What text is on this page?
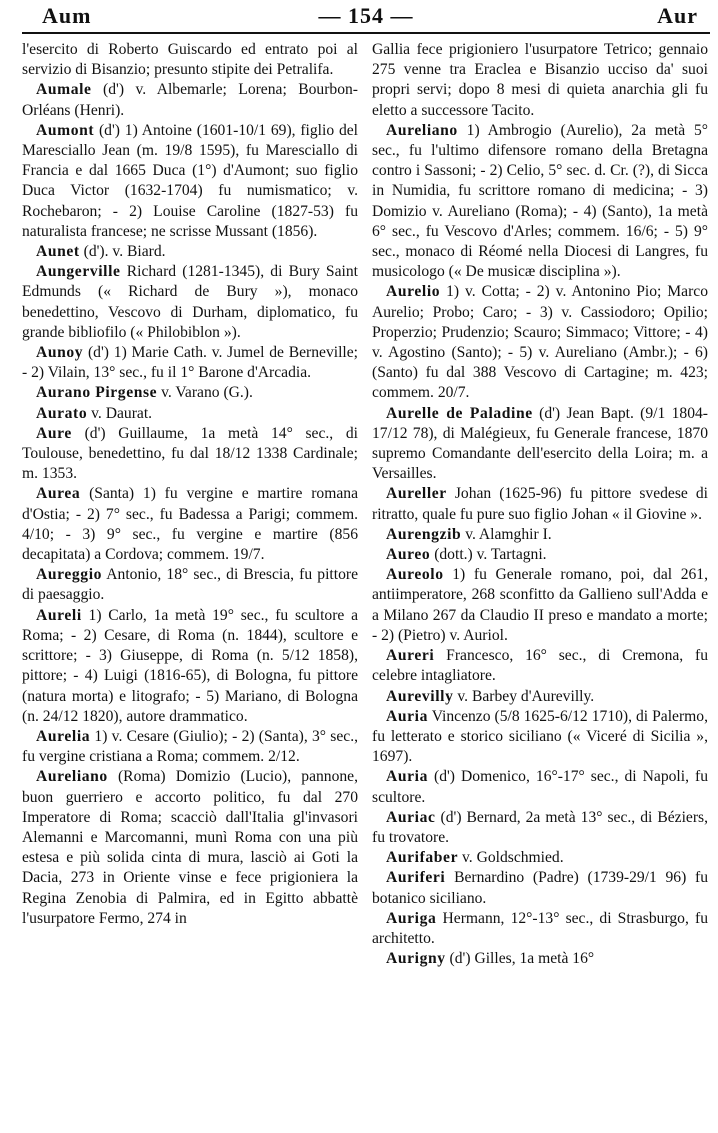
Aum	— 154 —	Aur

l'esercito di Roberto Guiscardo ed entrato poi al servizio di Bisanzio; presunto stipite dei Petralifa.

Aumale (d') v. Albemarle; Lorena; Bourbon-Orléans (Henri).

Aumont (d') 1) Antoine (1601-10/1 69), figlio del Maresciallo Jean (m. 19/8 1595), fu Maresciallo di Francia e dal 1665 Duca (1°) d'Aumont; suo figlio Duca Victor (1632-1704) fu numismatico; v. Rochebaron; - 2) Louise Caroline (1827-53) fu naturalista francese; ne scrisse Mussant (1856).

Aunet (d'). v. Biard.

Aungerville Richard (1281-1345), di Bury Saint Edmunds (« Richard de Bury »), monaco benedettino, Vescovo di Durham, diplomatico, fu grande bibliofilo (« Philobiblon »).

Aunoy (d') 1) Marie Cath. v. Jumel de Berneville; - 2) Vilain, 13° sec., fu il 1° Barone d'Arcadia.

Aurano Pirgense v. Varano (G.).

Aurato v. Daurat.

Aure (d') Guillaume, 1a metà 14° sec., di Toulouse, benedettino, fu dal 18/12 1338 Cardinale; m. 1353.

Aurea (Santa) 1) fu vergine e martire romana d'Ostia; - 2) 7° sec., fu Badessa a Parigi; commem. 4/10; - 3) 9° sec., fu vergine e martire (856 decapitata) a Cordova; commem. 19/7.

Aureggio Antonio, 18° sec., di Brescia, fu pittore di paesaggio.

Aureli 1) Carlo, 1a metà 19° sec., fu scultore a Roma; - 2) Cesare, di Roma (n. 1844), scultore e scrittore; - 3) Giuseppe, di Roma (n. 5/12 1858), pittore; - 4) Luigi (1816-65), di Bologna, fu pittore (natura morta) e litografo; - 5) Mariano, di Bologna (n. 24/12 1820), autore drammatico.

Aurelia 1) v. Cesare (Giulio); - 2) (Santa), 3° sec., fu vergine cristiana a Roma; commem. 2/12.

Aureliano (Roma) Domizio (Lucio), pannone, buon guerriero e accorto politico, fu dal 270 Imperatore di Roma; scacciò dall'Italia gl'invasori Alemanni e Marcomanni, munì Roma con una più estesa e più solida cinta di mura, lasciò ai Goti la Dacia, 273 in Oriente vinse e fece prigioniera la Regina Zenobia di Palmira, ed in Egitto abbattè l'usurpatore Fermo, 274 in

Gallia fece prigioniero l'usurpatore Tetrico; gennaio 275 venne tra Eraclea e Bisanzio ucciso da' suoi propri servi; dopo 8 mesi di quieta anarchia gli fu eletto a successore Tacito.

Aureliano 1) Ambrogio (Aurelio), 2a metà 5° sec., fu l'ultimo difensore romano della Bretagna contro i Sassoni; - 2) Celio, 5° sec. d. Cr. (?), di Sicca in Numidia, fu scrittore romano di medicina; - 3) Domizio v. Aureliano (Roma); - 4) (Santo), 1a metà 6° sec., fu Vescovo d'Arles; commem. 16/6; - 5) 9° sec., monaco di Réomé nella Diocesi di Langres, fu musicologo (« De musicæ disciplina »).

Aurelio 1) v. Cotta; - 2) v. Antonino Pio; Marco Aurelio; Probo; Caro; - 3) v. Cassiodoro; Opilio; Properzio; Prudenzio; Scauro; Simmaco; Vittore; - 4) v. Agostino (Santo); - 5) v. Aureliano (Ambr.); - 6) (Santo) fu dal 388 Vescovo di Cartagine; m. 423; commem. 20/7.

Aurelle de Paladine (d') Jean Bapt. (9/1 1804-17/12 78), di Malégieux, fu Generale francese, 1870 supremo Comandante dell'esercito della Loira; m. a Versailles.

Aureller Johan (1625-96) fu pittore svedese di ritratto, quale fu pure suo figlio Johan « il Giovine ».

Aurengzib v. Alamghir I.

Aureo (dott.) v. Tartagni.

Aureolo 1) fu Generale romano, poi, dal 261, antiimperatore, 268 sconfitto da Gallieno sull'Adda e a Milano 267 da Claudio II preso e mandato a morte; - 2) (Pietro) v. Auriol.

Aureri Francesco, 16° sec., di Cremona, fu celebre intagliatore.

Aurevilly v. Barbey d'Aurevilly.

Auria Vincenzo (5/8 1625-6/12 1710), di Palermo, fu letterato e storico siciliano (« Viceré di Sicilia », 1697).

Auria (d') Domenico, 16°-17° sec., di Napoli, fu scultore.

Auriac (d') Bernard, 2a metà 13° sec., di Béziers, fu trovatore.

Aurifaber v. Goldschmied.

Auriferi Bernardino (Padre) (1739-29/1 96) fu botanico siciliano.

Auriga Hermann, 12°-13° sec., di Strasburgo, fu architetto.

Aurigny (d') Gilles, 1a metà 16°
